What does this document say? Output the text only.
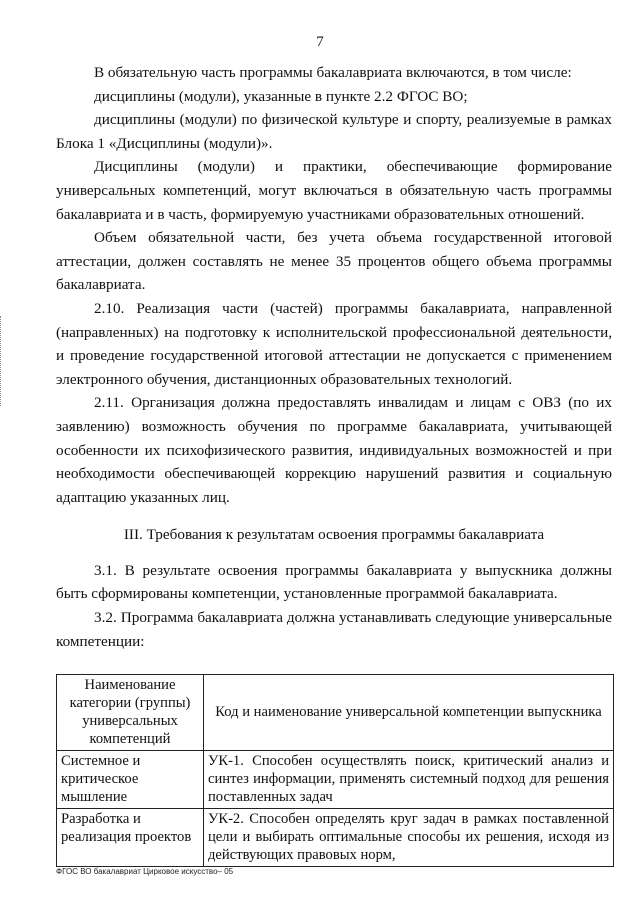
7

В обязательную часть программы бакалавриата включаются, в том числе:

дисциплины (модули), указанные в пункте 2.2 ФГОС ВО;

дисциплины (модули) по физической культуре и спорту, реализуемые в рамках Блока 1 «Дисциплины (модули)».

Дисциплины (модули) и практики, обеспечивающие формирование универсальных компетенций, могут включаться в обязательную часть программы бакалавриата и в часть, формируемую участниками образовательных отношений.

Объем обязательной части, без учета объема государственной итоговой аттестации, должен составлять не менее 35 процентов общего объема программы бакалавриата.

2.10. Реализация части (частей) программы бакалавриата, направленной (направленных) на подготовку к исполнительской профессиональной деятельности, и проведение государственной итоговой аттестации не допускается с применением электронного обучения, дистанционных образовательных технологий.

2.11. Организация должна предоставлять инвалидам и лицам с ОВЗ (по их заявлению) возможность обучения по программе бакалавриата, учитывающей особенности их психофизического развития, индивидуальных возможностей и при необходимости обеспечивающей коррекцию нарушений развития и социальную адаптацию указанных лиц.

III. Требования к результатам освоения программы бакалавриата

3.1. В результате освоения программы бакалавриата у выпускника должны быть сформированы компетенции, установленные программой бакалавриата.

3.2. Программа бакалавриата должна устанавливать следующие универсальные компетенции:

Наименование категории (группы) универсальных компетенций	Код и наименование универсальной компетенции выпускника
Системное и критическое мышление	УК-1. Способен осуществлять поиск, критический анализ и синтез информации, применять системный подход для решения поставленных задач
Разработка и реализация проектов	УК-2. Способен определять круг задач в рамках поставленной цели и выбирать оптимальные способы их решения, исходя из действующих правовых норм,
ФГОС ВО бакалавриат Цирковое искусство– 05
